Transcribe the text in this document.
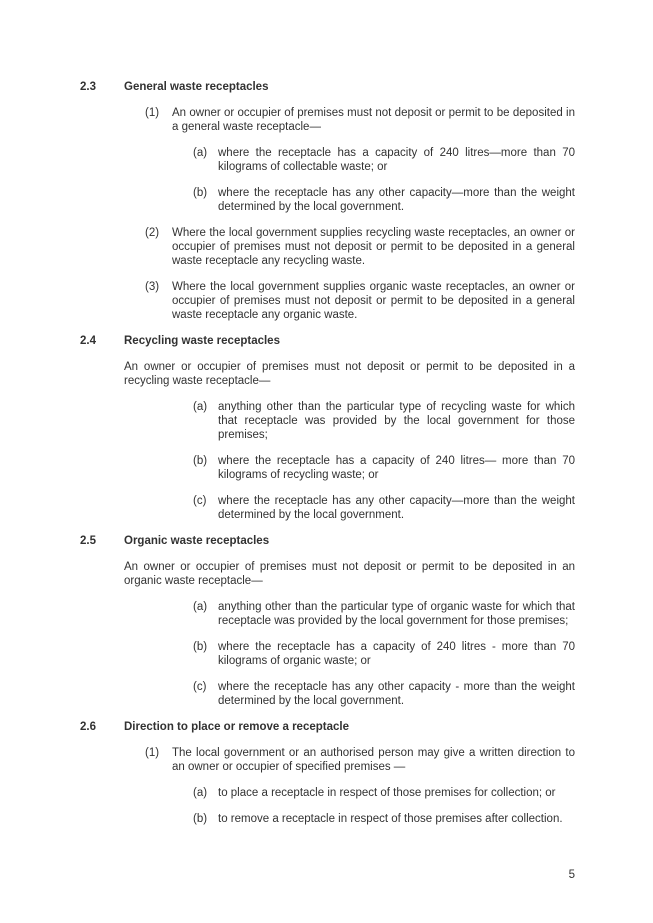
2.3	General waste receptacles
(1)	An owner or occupier of premises must not deposit or permit to be deposited in a general waste receptacle—
(a) where the receptacle has a capacity of 240 litres—more than 70 kilograms of collectable waste; or
(b) where the receptacle has any other capacity—more than the weight determined by the local government.
(2)	Where the local government supplies recycling waste receptacles, an owner or occupier of premises must not deposit or permit to be deposited in a general waste receptacle any recycling waste.
(3)	Where the local government supplies organic waste receptacles, an owner or occupier of premises must not deposit or permit to be deposited in a general waste receptacle any organic waste.
2.4	Recycling waste receptacles
An owner or occupier of premises must not deposit or permit to be deposited in a recycling waste receptacle—
(a) anything other than the particular type of recycling waste for which that receptacle was provided by the local government for those premises;
(b) where the receptacle has a capacity of 240 litres— more than 70 kilograms of recycling waste; or
(c)	where the receptacle has any other capacity—more than the weight determined by the local government.
2.5	Organic waste receptacles
An owner or occupier of premises must not deposit or permit to be deposited in an organic waste receptacle—
(a) anything other than the particular type of organic waste for which that receptacle was provided by the local government for those premises;
(b) where the receptacle has a capacity of 240 litres - more than 70 kilograms of organic waste; or
(c)	where the receptacle has any other capacity - more than the weight determined by the local government.
2.6	Direction to place or remove a receptacle
(1)	The local government or an authorised person may give a written direction to an owner or occupier of specified premises —
(a) to place a receptacle in respect of those premises for collection; or
(b) to remove a receptacle in respect of those premises after collection.
5
